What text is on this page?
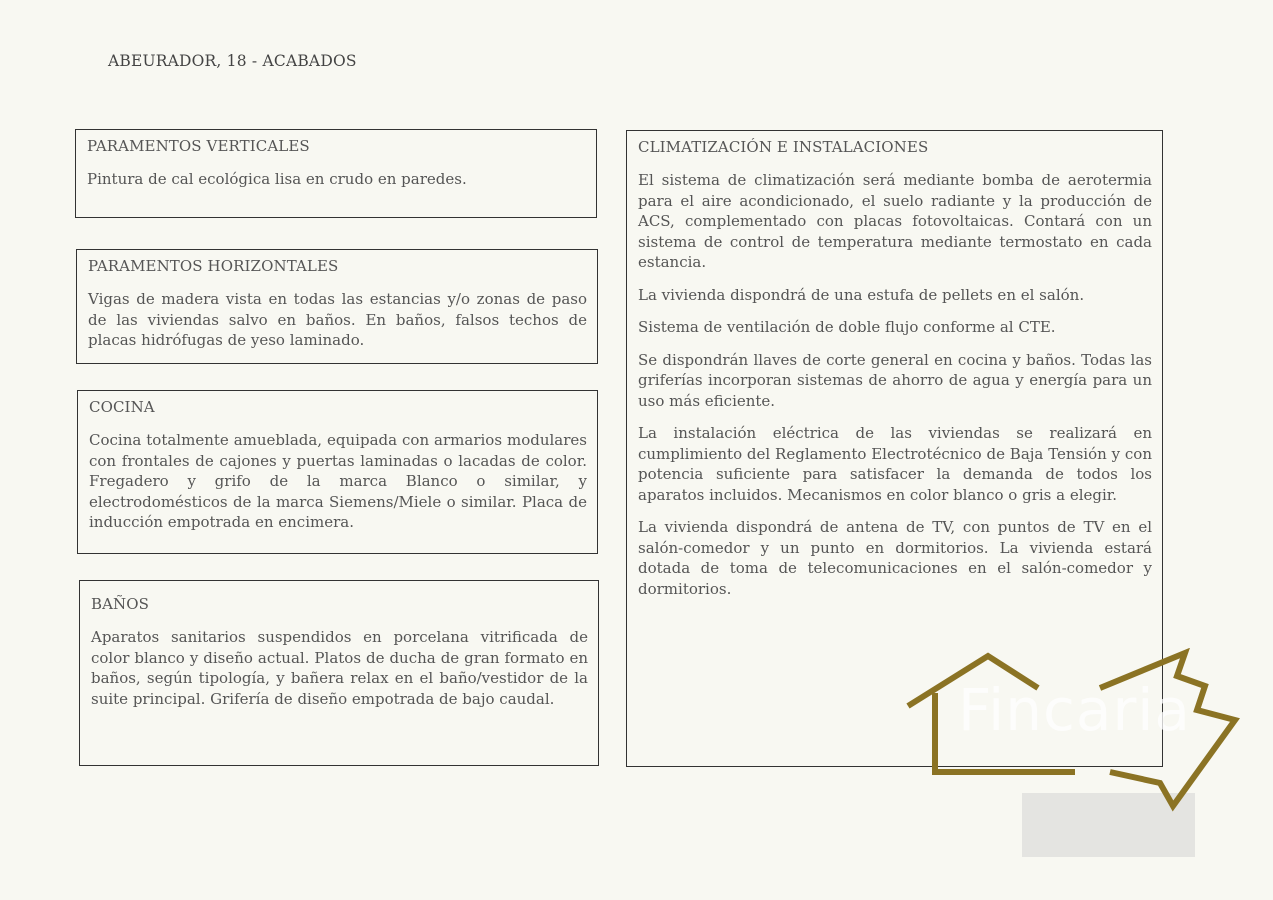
ABEURADOR, 18 - ACABADOS
PARAMENTOS VERTICALES
Pintura de cal ecológica lisa en crudo en paredes.
PARAMENTOS HORIZONTALES
Vigas de madera vista en todas las estancias y/o zonas de paso de las viviendas salvo en baños. En baños, falsos techos de placas hidrófugas de yeso laminado.
COCINA
Cocina totalmente amueblada, equipada con armarios modulares con frontales de cajones y puertas laminadas o lacadas de color. Fregadero y grifo de la marca Blanco o similar, y electrodomésticos de la marca Siemens/Miele o similar. Placa de inducción empotrada en encimera.
BAÑOS
Aparatos sanitarios suspendidos en porcelana vitrificada de color blanco y diseño actual. Platos de ducha de gran formato en baños, según tipología, y bañera relax en el baño/vestidor de la suite principal. Grifería de diseño empotrada de bajo caudal.
CLIMATIZACIÓN E INSTALACIONES
El sistema de climatización será mediante bomba de aerotermia para el aire acondicionado, el suelo radiante y la producción de ACS, complementado con placas fotovoltaicas. Contará con un sistema de control de temperatura mediante termostato en cada estancia.
La vivienda dispondrá de una estufa de pellets en el salón.
Sistema de ventilación de doble flujo conforme al CTE.
Se dispondrán llaves de corte general en cocina y baños. Todas las griferías incorporan sistemas de ahorro de agua y energía para un uso más eficiente.
La instalación eléctrica de las viviendas se realizará en cumplimiento del Reglamento Electrotécnico de Baja Tensión y con potencia suficiente para satisfacer la demanda de todos los aparatos incluidos. Mecanismos en color blanco o gris a elegir.
La vivienda dispondrá de antena de TV, con puntos de TV en el salón-comedor y un punto en dormitorios. La vivienda estará dotada de toma de telecomunicaciones en el salón-comedor y dormitorios.
Fincaria
